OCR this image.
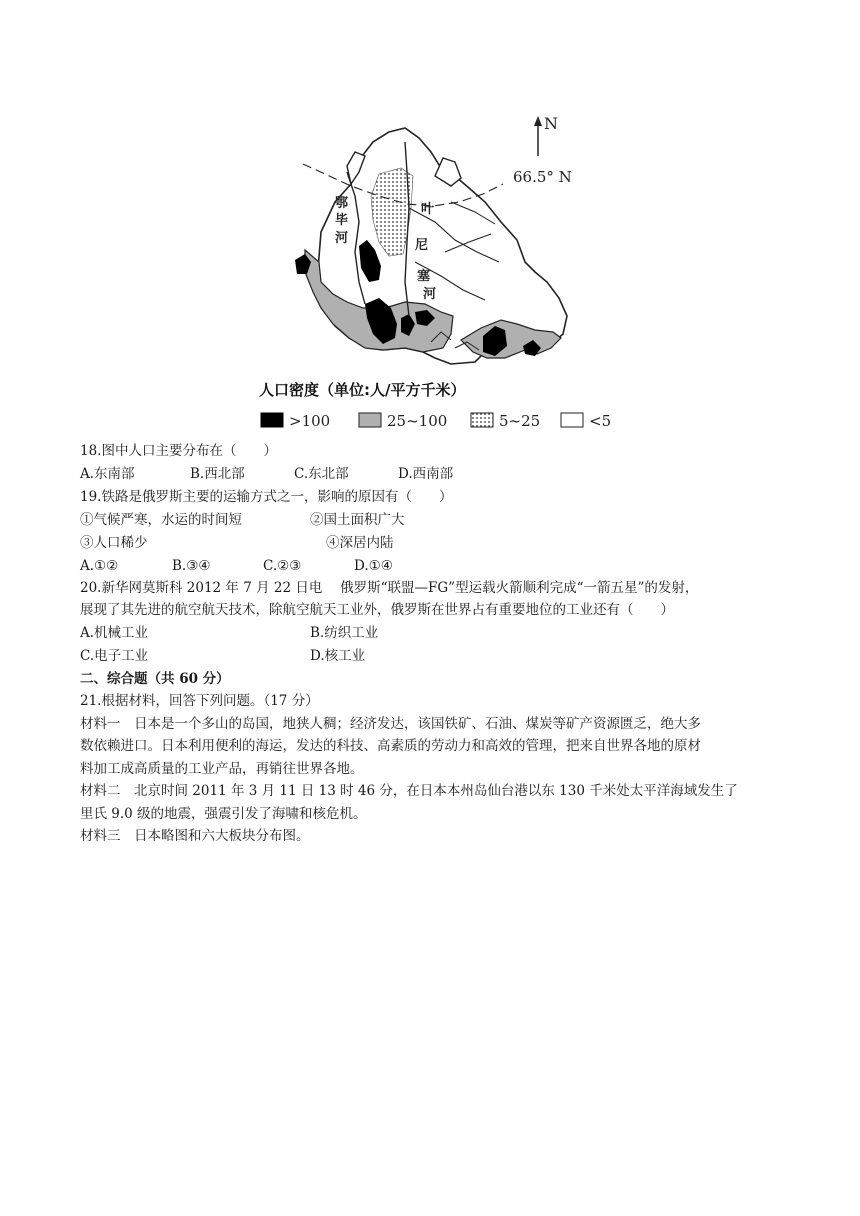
N
66.5° N
鄂
毕
河
叶
尼
塞
河
人口密度（单位:人/平方千米）
>100	25~100	5~25	<5
18.图中人口主要分布在（　　）
A.东南部	B.西北部	C.东北部	D.西南部
19.铁路是俄罗斯主要的运输方式之一，影响的原因有（　　）
①气候严寒，水运的时间短	②国土面积广大
③人口稀少	④深居内陆
A.①②	B.③④	C.②③	D.①④
20.新华网莫斯科 2012 年 7 月 22 日电　 俄罗斯“联盟—FG”型运载火箭顺利完成“一箭五星”的发射，
展现了其先进的航空航天技术，除航空航天工业外，俄罗斯在世界占有重要地位的工业还有（　　）
A.机械工业	B.纺织工业
C.电子工业	D.核工业
二、综合题（共 60 分）
21.根据材料，回答下列问题。（17 分）
材料一　日本是一个多山的岛国，地狭人稠；经济发达，该国铁矿、石油、煤炭等矿产资源匮乏，绝大多
数依赖进口。日本利用便利的海运，发达的科技、高素质的劳动力和高效的管理，把来自世界各地的原材
料加工成高质量的工业产品，再销往世界各地。
材料二　北京时间 2011 年 3 月 11 日 13 时 46 分，在日本本州岛仙台港以东 130 千米处太平洋海域发生了
里氏 9.0 级的地震，强震引发了海啸和核危机。
材料三　日本略图和六大板块分布图。
